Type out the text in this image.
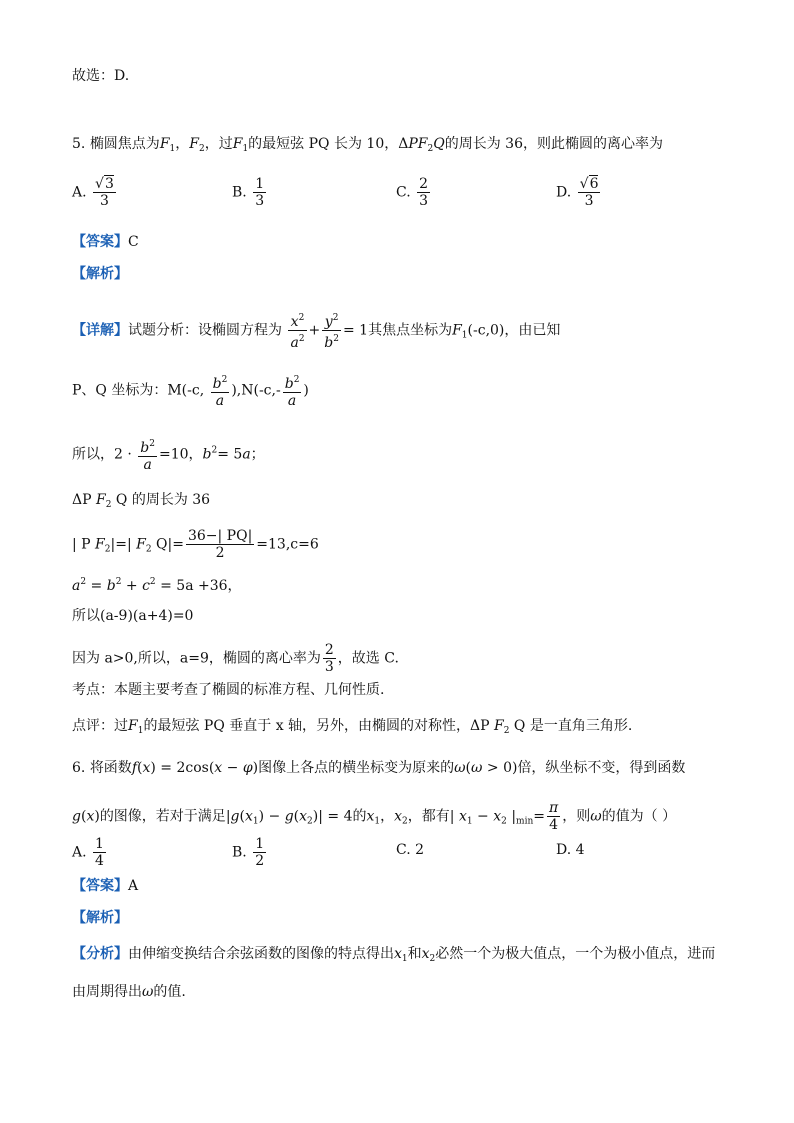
故选：D.
5. 椭圆焦点为$F_1$，$F_2$，过$F_1$的最短弦 PQ 长为 10，$\Delta PF_2Q$的周长为 36，则此椭圆的离心率为
A. $\frac{√3}{3}$	B. $\frac{1}{3}$	C. $\frac{2}{3}$	D. $\frac{√6}{3}$
【答案】C
【解析】
【详解】试题分析：设椭圆方程为 $\frac{x^2}{a^2} + \frac{y^2}{b^2} = 1$其焦点坐标为$F_1(-c,0)$，由已知
P、Q 坐标为：M(-c, $\frac{b^2}{a} ),N(-c,- \frac{b^2}{a}$ )
所以，$2 \cdot \frac{b^2}{a} =10$，$b^2= 5a$；
ΔP $F_2$ Q 的周长为 36
| P $F_2|=|$ $F_2$ $Q|= \frac{36-| PQ|}{2} =13,c=6$
$a^2 = b^2 + c^2 = 5a +36$，
所以(a-9)(a+4)=0
因为 a>0,所以，a=9，椭圆的离心率为 $\frac{2}{3}$ ，故选 C.
考点：本题主要考查了椭圆的标准方程、几何性质.
点评：过$F_1$的最短弦 PQ 垂直于 x 轴，另外，由椭圆的对称性，ΔP $F_2$ Q 是一直角三角形.
6. 将函数f(x) = 2cos(x − φ)图像上各点的横坐标变为原来的ω(ω > 0)倍，纵坐标不变，得到函数
g(x)的图像，若对于满足$|g(x_1) - g(x_2)| = 4$的$x_1$，$x_2$，都有| $x_1 - x_2$ $|_{min}= \frac{\pi}{4}$ ，则ω的值为（ ）
A. $\frac{1}{4}$	B. $\frac{1}{2}$	C. 2	D. 4
【答案】A
【解析】
【分析】由伸缩变换结合余弦函数的图像的特点得出$x_1$和$x_2$必然一个为极大值点，一个为极小值点，进而
由周期得出ω的值.
